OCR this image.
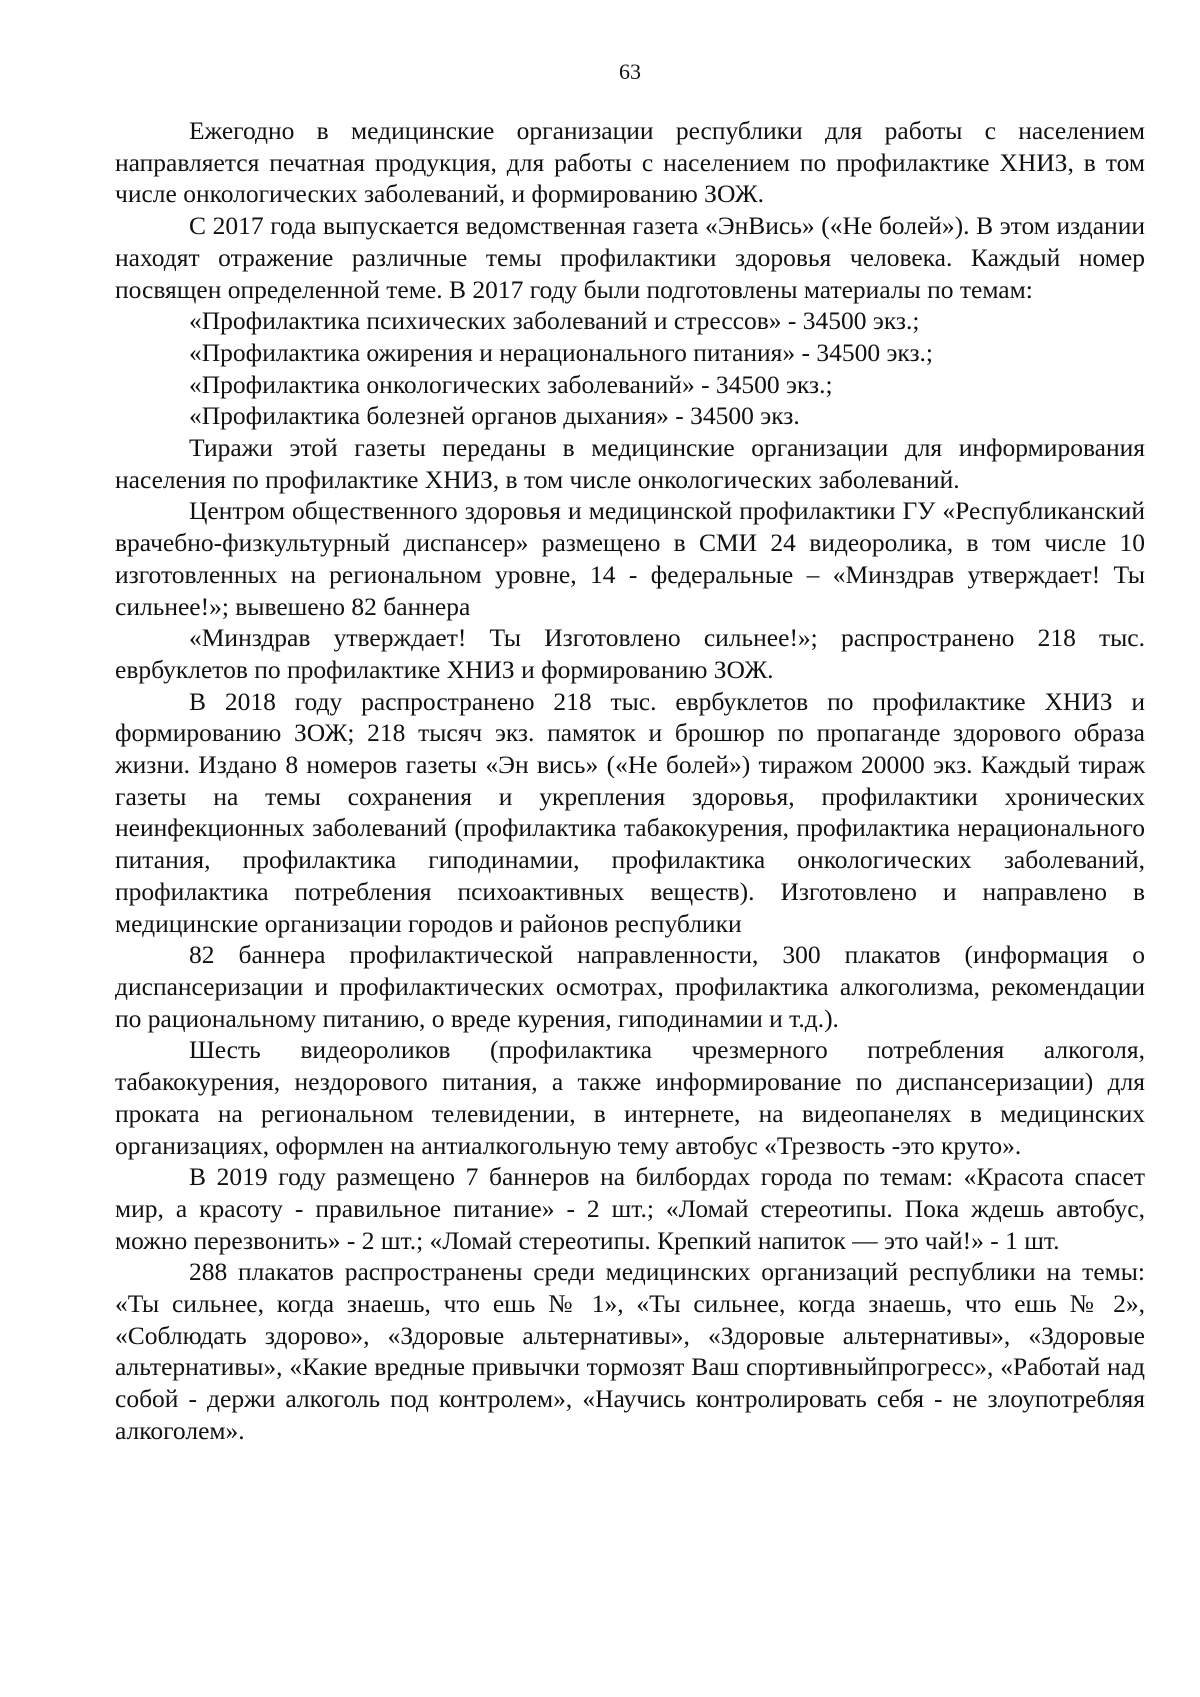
63

Ежегодно в медицинские организации республики для работы с населением направляется печатная продукция, для работы с населением по профилактике ХНИЗ, в том числе онкологических заболеваний, и формированию ЗОЖ.

С 2017 года выпускается ведомственная газета «ЭнВись» («Не болей»). В этом издании находят отражение различные темы профилактики здоровья человека. Каждый номер посвящен определенной теме. В 2017 году были подготовлены материалы по темам:

«Профилактика психических заболеваний и стрессов» - 34500 экз.;

«Профилактика ожирения и нерационального питания» - 34500 экз.;

«Профилактика онкологических заболеваний» - 34500 экз.;

«Профилактика болезней органов дыхания» - 34500 экз.

Тиражи этой газеты переданы в медицинские организации для информирования населения по профилактике ХНИЗ, в том числе онкологических заболеваний.

Центром общественного здоровья и медицинской профилактики ГУ «Республиканский врачебно-физкультурный диспансер» размещено в СМИ 24 видеоролика, в том числе 10 изготовленных на региональном уровне, 14 - федеральные – «Минздрав утверждает! Ты сильнее!»; вывешено 82 баннера

«Минздрав утверждает! Ты Изготовлено сильнее!»; распространено 218 тыс. еврбуклетов по профилактике ХНИЗ и формированию ЗОЖ.

В 2018 году распространено 218 тыс. еврбуклетов по профилактике ХНИЗ и формированию ЗОЖ; 218 тысяч экз. памяток и брошюр по пропаганде здорового образа жизни. Издано 8 номеров газеты «Эн вись» («Не болей») тиражом 20000 экз. Каждый тираж газеты на темы сохранения и укрепления здоровья, профилактики хронических неинфекционных заболеваний (профилактика табакокурения, профилактика нерационального питания, профилактика гиподинамии, профилактика онкологических заболеваний, профилактика потребления психоактивных веществ). Изготовлено и направлено в медицинские организации городов и районов республики

82 баннера профилактической направленности, 300 плакатов (информация о диспансеризации и профилактических осмотрах, профилактика алкоголизма, рекомендации по рациональному питанию, о вреде курения, гиподинамии и т.д.).

Шесть видеороликов (профилактика чрезмерного потребления алкоголя, табакокурения, нездорового питания, а также информирование по диспансеризации) для проката на региональном телевидении, в интернете, на видеопанелях в медицинских организациях, оформлен на антиалкогольную тему автобус «Трезвость -это круто».

В 2019 году размещено 7 баннеров на билбордах города по темам: «Красота спасет мир, а красоту - правильное питание» - 2 шт.; «Ломай стереотипы. Пока ждешь автобус, можно перезвонить» - 2 шт.; «Ломай стереотипы. Крепкий напиток — это чай!» - 1 шт.

288 плакатов распространены среди медицинских организаций республики на темы: «Ты сильнее, когда знаешь, что ешь № 1», «Ты сильнее, когда знаешь, что ешь № 2», «Соблюдать здорово», «Здоровые альтернативы», «Здоровые альтернативы», «Здоровые альтернативы», «Какие вредные привычки тормозят Ваш спортивныйпрогресс», «Работай над собой - держи алкоголь под контролем», «Научись контролировать себя - не злоупотребляя алкоголем».
